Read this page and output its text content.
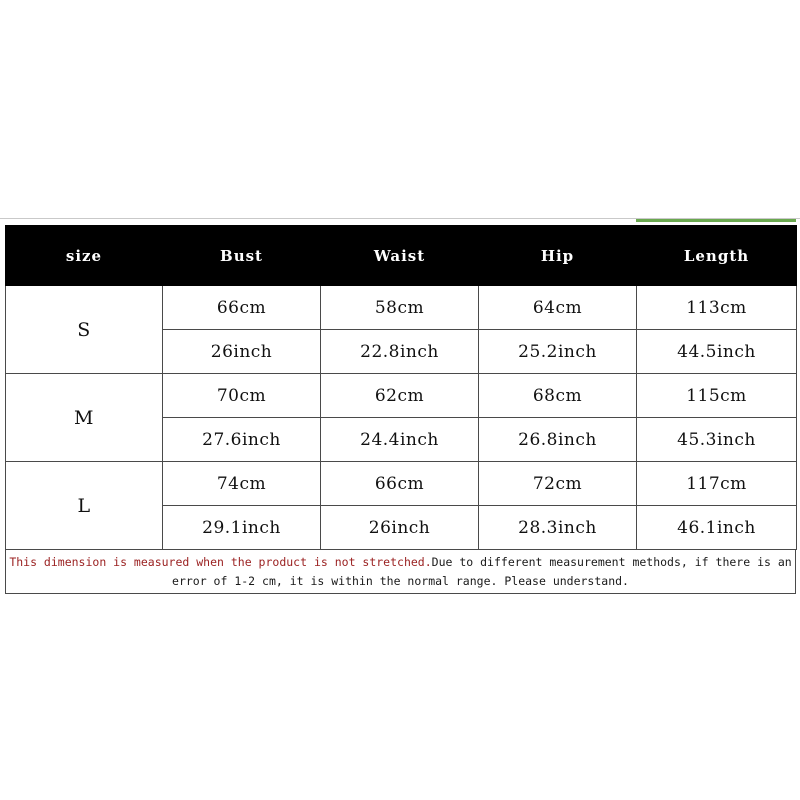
size	Bust	Waist	Hip	Length
S	66cm	58cm	64cm	113cm
	26inch	22.8inch	25.2inch	44.5inch
M	70cm	62cm	68cm	115cm
	27.6inch	24.4inch	26.8inch	45.3inch
L	74cm	66cm	72cm	117cm
	29.1inch	26inch	28.3inch	46.1inch
This dimension is measured when the product is not stretched.Due to different measurement methods, if there is an error of 1-2 cm, it is within the normal range. Please understand.
